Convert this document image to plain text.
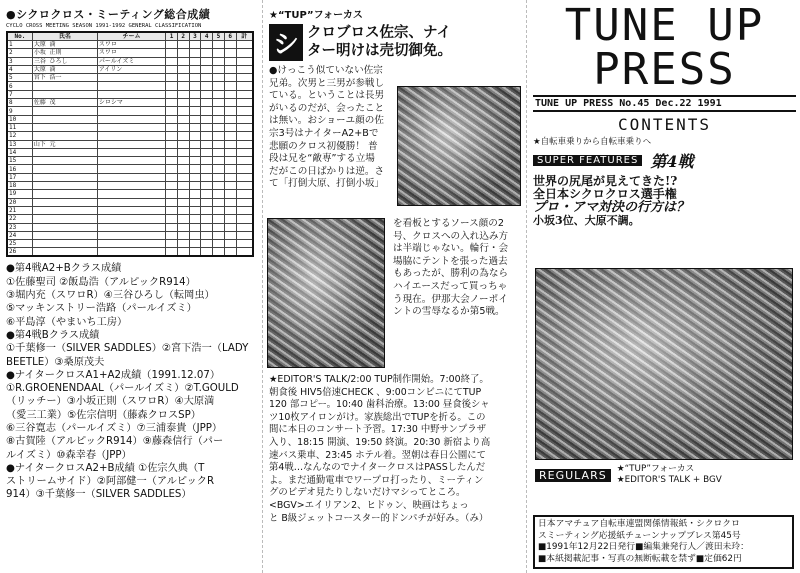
●シクロクロス・ミーティング総合成績
CYCLO CROSS MEETING SEASON 1991-1992 GENERAL CLASSIFICATION
No.	氏名	チーム	1	2	3	4	5	6	計
1	大原 満	スワロ							
2	小坂 正則	スワロ							
3	三谷 ひろし	パールイズミ							
4	大原 満	アイリン							
5	宮下 浩一								
6									
7									
8	佐藤 茂	シロシマ							
9									
10									
11									
12									
13	山下 元								
14									
15									
16									
17									
18									
19									
20									
21									
22									
23									
24									
25									
26									
●第4戦A2+Bクラス成績
①佐藤聖司 ②飯島浩（アルピックR914）
③堀内充（スワロR）④三谷ひろし（転岡虫）
⑤マッキンストリー浩路（パールイズミ）
⑥平島淳（やまいち工房）
●第4戦Bクラス成績
①千葉修一（SILVER SADDLES）②宮下浩一（LADY
BEETLE）③桑原茂夫
●ナイタークロスA1+A2成績（1991.12.07）
①R.GROENENDAAL（パールイズミ）②T.GOULD
（リッチー）③小坂正則（スワロR）④大原満
（愛三工業）⑤佐宗信明（藤森クロスSP）
⑥三谷寛志（パールイズミ）⑦三浦泰貴（JPP）
⑧古賀陸（アルピックR914）⑨藤森信行（パー
ルイズミ）⑩森幸春（JPP）
●ナイタークロスA2+B成績 ①佐宗久典（T
ストリームサイド）②阿部健一（アルピックR
914）③千葉修一（SILVER SADDLES）
★“TUP”フォーカス
シ クロブロス佐宗、ナイ
ター明けは売切御免。
●けっこう似ていない佐宗
兄弟。次男と三男が参戦し
ている。ということは長男
がいるのだが、会ったこと
は無い。おショーユ顔の佐
宗3号はナイターA2+Bで
悲願のクロス初優勝！ 普
段は兄を“敵専”する立場
だがこの日ばかりは逆。さ
て「打倒大原、打倒小坂」
を看板とするソース顔の2
号、クロスへの入れ込み方
は半端じゃない。輪行・会
場脇にテントを張った過去
もあったが、勝利の為なら
ハイエースだって買っちゃ
う現在。伊那大会ノーポイ
ントの雪辱なるか第5戦。
★EDITOR'S TALK/2:00 TUP制作開始。7:00終了。
朝食後 HIV5倍速CHECK 、9:00コンビニにてTUP
120 部コピー。10:40 歯科治療。13:00 昼食後シャ
ツ10枚アイロンがけ。家族総出でTUPを折る。この
間に本日のコンサート予習。17:30 中野サンプラザ
入り、18:15 開演、19:50 終演。20:30 新宿より高
速バス乗車、23:45 ホテル着。翌朝は春日公園にて
第4戦…なんなのでナイタークロスはPASSしたんだ
よ。まだ通勤電車でワープロ打ったり、ミーティン
グのビデオ見たりしないだけマシってところ。
<BGV>エイリアン2、ヒドゥン、映画はちょっ
と B級ジェットコースター的ドンパチが好み。（み）
TUNE UP
PRESS
TUNE UP PRESS No.45 Dec.22 1991
CONTENTS
★自転車乗りから自転車乗りへ
SUPER FEATURES 第4戦
世界の尻尾が見えてきた!?
全日本シクロクロス選手権
プロ・アマ対決の行方は？
小坂3位、大原不調。
REGULARS	★“TUP”フォーカス
★EDITOR'S TALK + BGV
日本アマチュア自転車連盟関係情報紙・シクロクロ
スミーティング応援紙チューンナップブレス第45号
■1991年12月22日発行■編集兼発行人／渡田未玲：
■本紙掲載記事・写真の無断転載を禁ず■定価62円
